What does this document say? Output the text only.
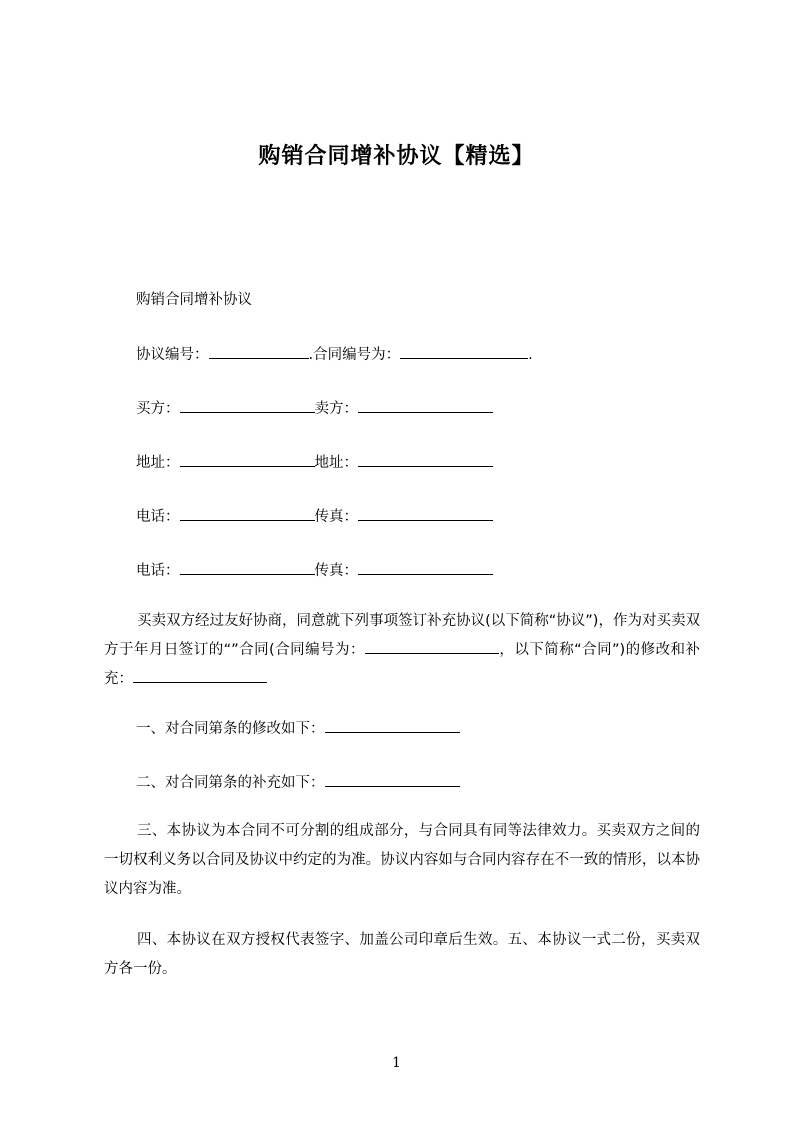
购销合同增补协议【精选】
购销合同增补协议
协议编号：	.合同编号为：	.
买方：	卖方：
地址：	地址：
电话：	传真：
电话：	传真：
买卖双方经过友好协商，同意就下列事项签订补充协议(以下简称“协议”)，作为对买卖双方于年月日签订的“”合同(合同编号为：	，以下简称“合同”)的修改和补充：
一、对合同第条的修改如下：
二、对合同第条的补充如下：
三、本协议为本合同不可分割的组成部分，与合同具有同等法律效力。买卖双方之间的一切权利义务以合同及协议中约定的为准。协议内容如与合同内容存在不一致的情形，以本协议内容为准。
四、本协议在双方授权代表签字、加盖公司印章后生效。五、本协议一式二份，买卖双方各一份。
1
